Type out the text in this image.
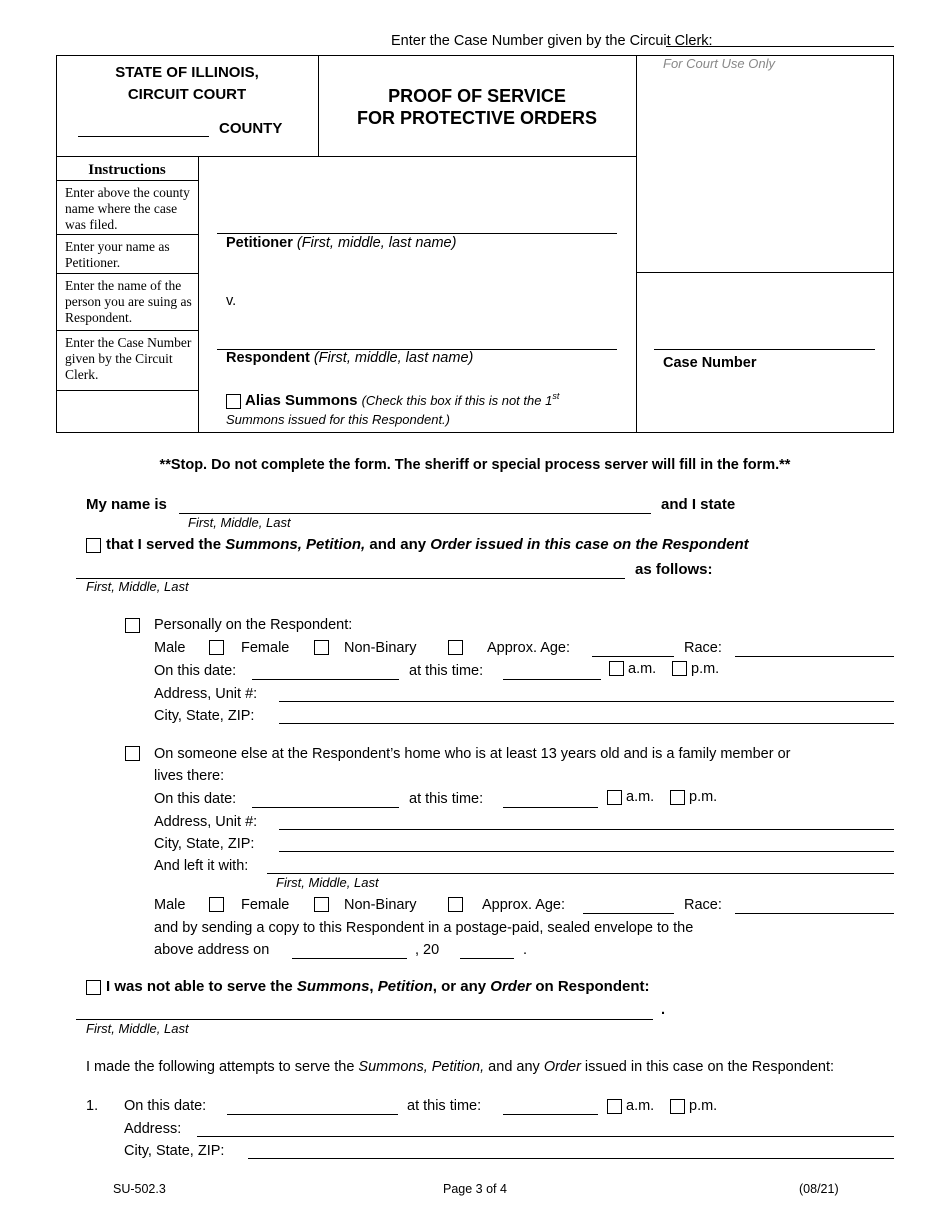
Enter the Case Number given by the Circuit Clerk:
STATE OF ILLINOIS,
CIRCUIT COURT
COUNTY
PROOF OF SERVICE
FOR PROTECTIVE ORDERS
For Court Use Only
Instructions
Enter above the county name where the case was filed.
Enter your name as Petitioner.
Enter the name of the person you are suing as Respondent.
Enter the Case Number given by the Circuit Clerk.
Petitioner (First, middle, last name)
v.
Respondent (First, middle, last name)	Case Number
Alias Summons (Check this box if this is not the 1st
Summons issued for this Respondent.)
**Stop. Do not complete the form. The sheriff or special process server will fill in the form.**
My name is	and I state
First, Middle, Last
that I served the Summons, Petition, and any Order issued in this case on the Respondent
as follows:
First, Middle, Last
Personally on the Respondent:
Male	Female	Non-Binary	Approx. Age:	Race:
On this date:	at this time:	a.m. p.m.
Address, Unit #:
City, State, ZIP:
On someone else at the Respondent’s home who is at least 13 years old and is a family member or
lives there:
On this date:	at this time:	a.m. p.m.
Address, Unit #:
City, State, ZIP:
And left it with:
First, Middle, Last
Male	Female	Non-Binary	Approx. Age:	Race:
and by sending a copy to this Respondent in a postage-paid, sealed envelope to the
above address on	, 20	.
I was not able to serve the Summons, Petition, or any Order on Respondent:
.
First, Middle, Last
I made the following attempts to serve the Summons, Petition, and any Order issued in this case on the Respondent:
1. On this date:	at this time:	a.m. p.m.
Address:
City, State, ZIP:
SU-502.3	Page 3 of 4	(08/21)
